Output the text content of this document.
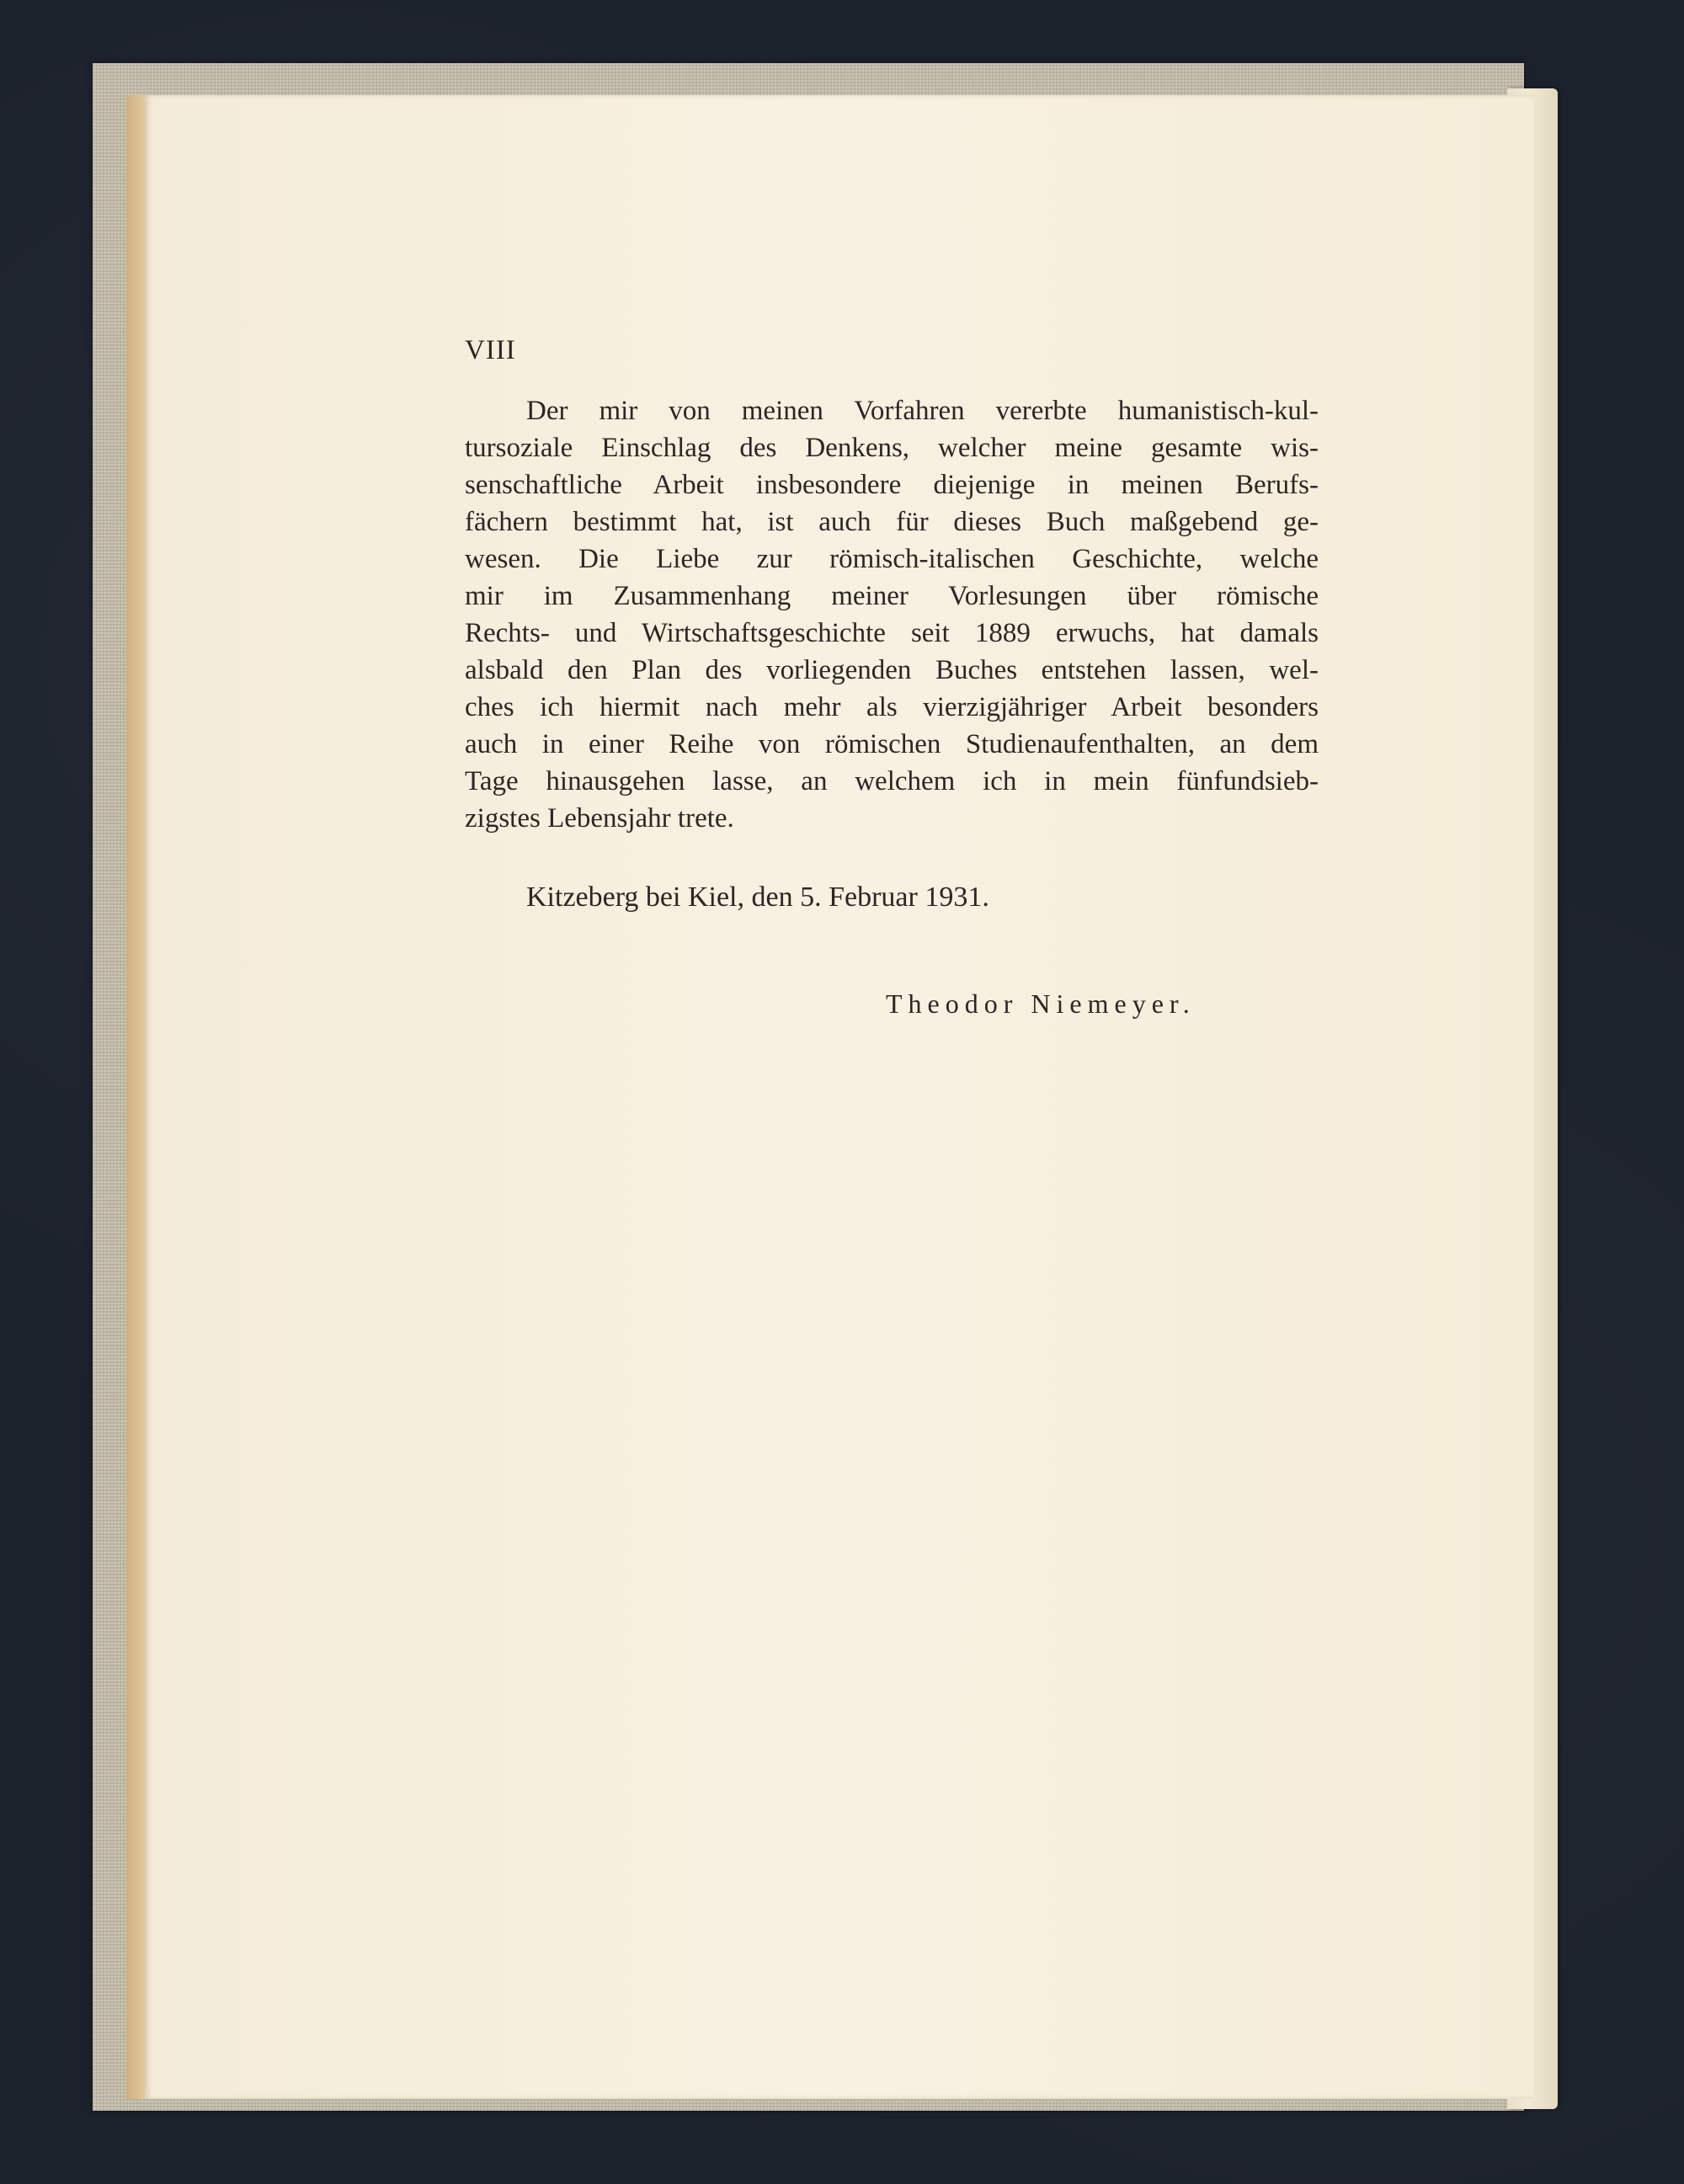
VIII
Der mir von meinen Vorfahren vererbte humanistisch-kul-
tursoziale Einschlag des Denkens, welcher meine gesamte wis-
senschaftliche Arbeit insbesondere diejenige in meinen Berufs-
fächern bestimmt hat, ist auch für dieses Buch maßgebend ge-
wesen. Die Liebe zur römisch-italischen Geschichte, welche
mir im Zusammenhang meiner Vorlesungen über römische
Rechts- und Wirtschaftsgeschichte seit 1889 erwuchs, hat damals
alsbald den Plan des vorliegenden Buches entstehen lassen, wel-
ches ich hiermit nach mehr als vierzigjähriger Arbeit besonders
auch in einer Reihe von römischen Studienaufenthalten, an dem
Tage hinausgehen lasse, an welchem ich in mein fünfundsieb-
zigstes Lebensjahr trete.
Kitzeberg bei Kiel, den 5. Februar 1931.
Theodor Niemeyer.
